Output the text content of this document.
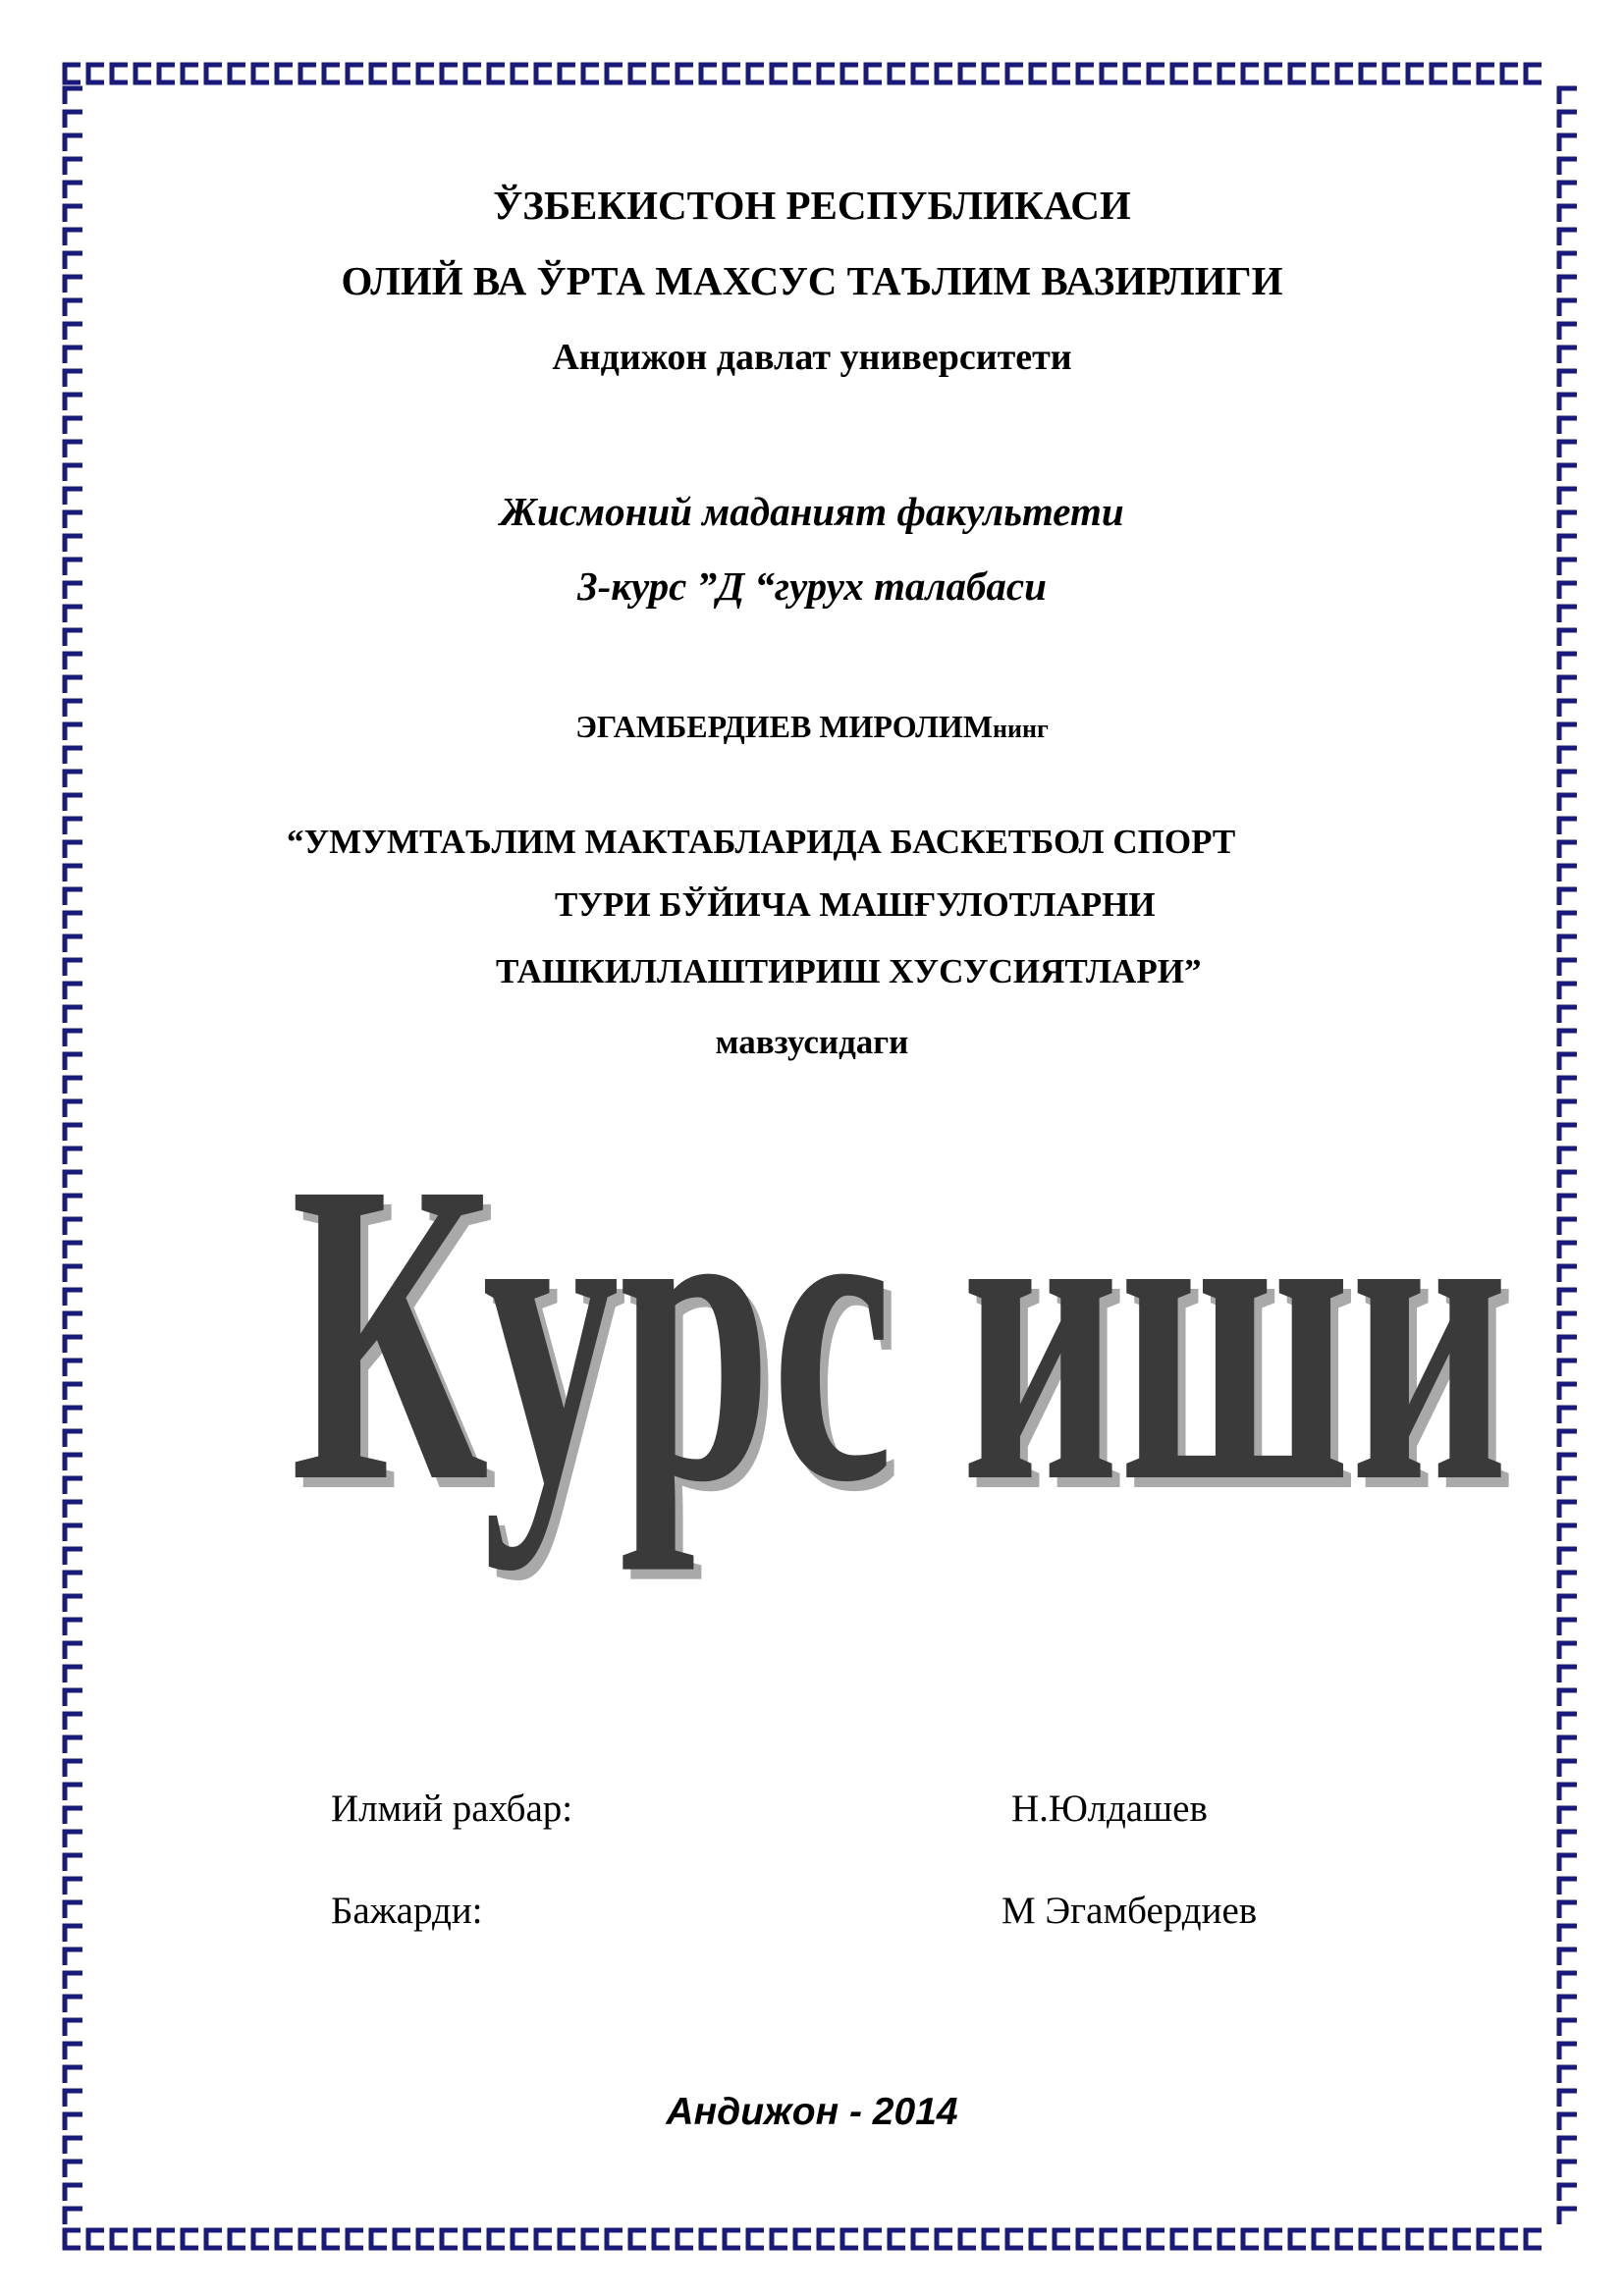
ЎЗБЕКИСТОН РЕСПУБЛИКАСИ
ОЛИЙ ВА ЎРТА МАХСУС ТАЪЛИМ ВАЗИРЛИГИ
Андижон давлат университети
Жисмоний маданият факультети
3-курс ”Д “гурух талабаси
ЭГАМБЕРДИЕВ МИРОЛИМнинг
“УМУМТАЪЛИМ МАКТАБЛАРИДА БАСКЕТБОЛ СПОРТ
ТУРИ БЎЙИЧА МАШҒУЛОТЛАРНИ
ТАШКИЛЛАШТИРИШ ХУСУСИЯТЛАРИ”
мавзусидаги
Курс иши
Курс иши
Илмий рахбар:	Н.Юлдашев
Бажарди:	М Эгамбердиев
Андижон - 2014
